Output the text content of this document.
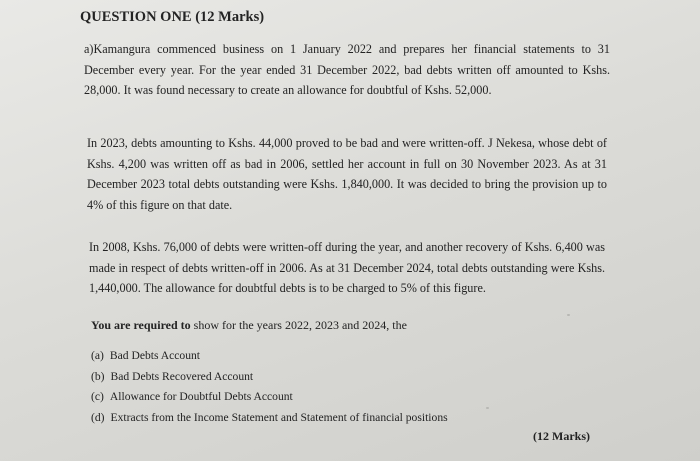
QUESTION ONE (12 Marks)

a)Kamangura commenced business on 1 January 2022 and prepares her financial statements to 31 December every year. For the year ended 31 December 2022, bad debts written off amounted to Kshs. 28,000. It was found necessary to create an allowance for doubtful of Kshs. 52,000.

In 2023, debts amounting to Kshs. 44,000 proved to be bad and were written-off. J Nekesa, whose debt of Kshs. 4,200 was written off as bad in 2006, settled her account in full on 30 November 2023. As at 31 December 2023 total debts outstanding were Kshs. 1,840,000. It was decided to bring the provision up to 4% of this figure on that date.

In 2008, Kshs. 76,000 of debts were written-off during the year, and another recovery of Kshs. 6,400 was made in respect of debts written-off in 2006. As at 31 December 2024, total debts outstanding were Kshs. 1,440,000. The allowance for doubtful debts is to be charged to 5% of this figure.

You are required to show for the years 2022, 2023 and 2024, the

(a) Bad Debts Account
(b) Bad Debts Recovered Account
(c) Allowance for Doubtful Debts Account
(d) Extracts from the Income Statement and Statement of financial positions

(12 Marks)
